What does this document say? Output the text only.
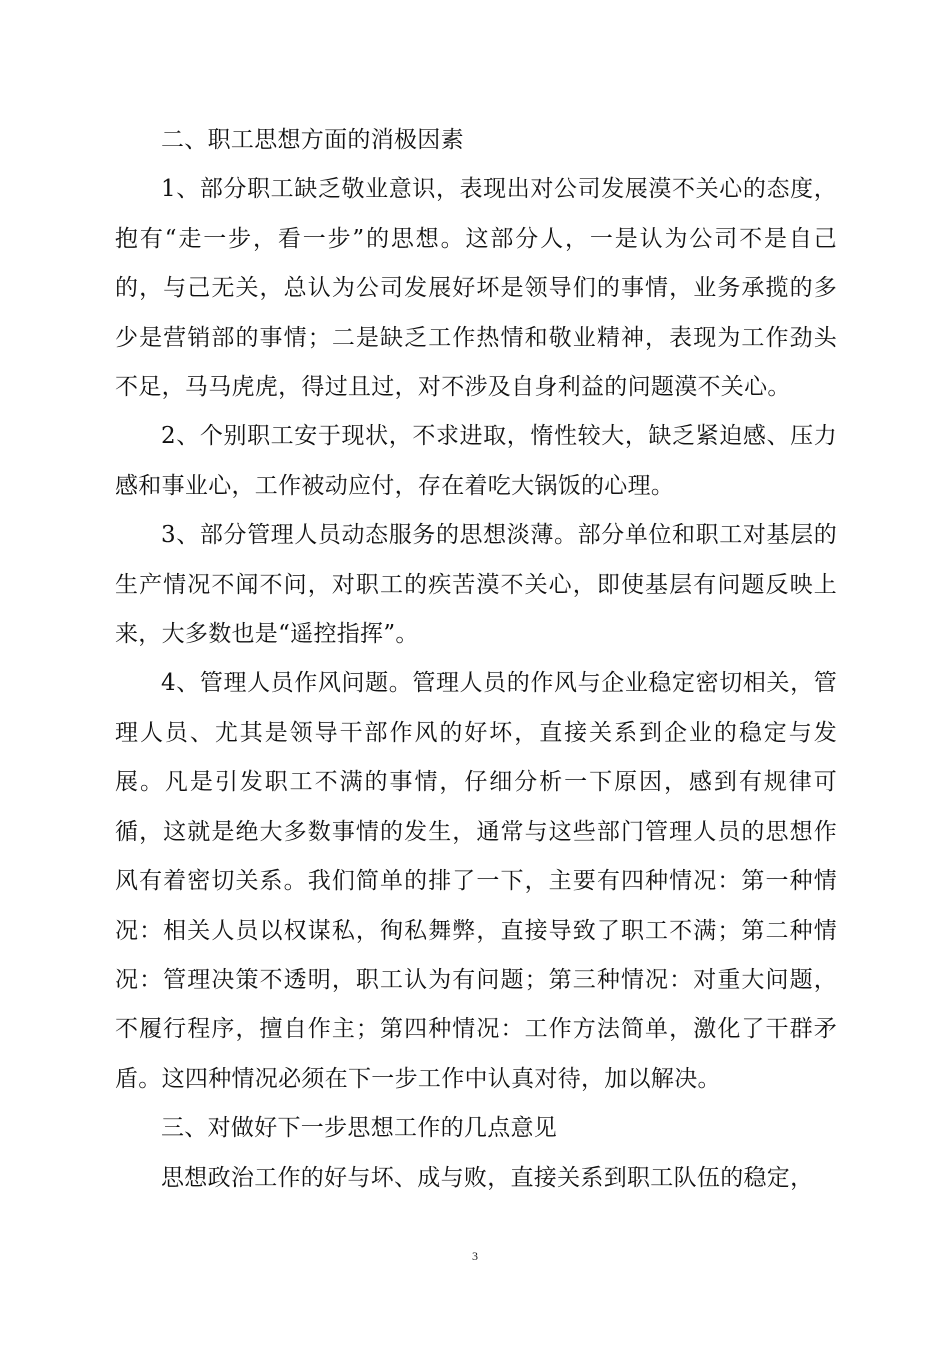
二、职工思想方面的消极因素

1、部分职工缺乏敬业意识，表现出对公司发展漠不关心的态度，抱有“走一步，看一步”的思想。这部分人，一是认为公司不是自己的，与己无关，总认为公司发展好坏是领导们的事情，业务承揽的多少是营销部的事情；二是缺乏工作热情和敬业精神，表现为工作劲头不足，马马虎虎，得过且过，对不涉及自身利益的问题漠不关心。

2、个别职工安于现状，不求进取，惰性较大，缺乏紧迫感、压力感和事业心，工作被动应付，存在着吃大锅饭的心理。

3、部分管理人员动态服务的思想淡薄。部分单位和职工对基层的生产情况不闻不问，对职工的疾苦漠不关心，即使基层有问题反映上来，大多数也是“遥控指挥”。

4、管理人员作风问题。管理人员的作风与企业稳定密切相关，管理人员、尤其是领导干部作风的好坏，直接关系到企业的稳定与发展。凡是引发职工不满的事情，仔细分析一下原因，感到有规律可循，这就是绝大多数事情的发生，通常与这些部门管理人员的思想作风有着密切关系。我们简单的排了一下，主要有四种情况：第一种情况：相关人员以权谋私，徇私舞弊，直接导致了职工不满；第二种情况：管理决策不透明，职工认为有问题；第三种情况：对重大问题，不履行程序，擅自作主；第四种情况：工作方法简单，激化了干群矛盾。这四种情况必须在下一步工作中认真对待，加以解决。

三、对做好下一步思想工作的几点意见

思想政治工作的好与坏、成与败，直接关系到职工队伍的稳定，

3
